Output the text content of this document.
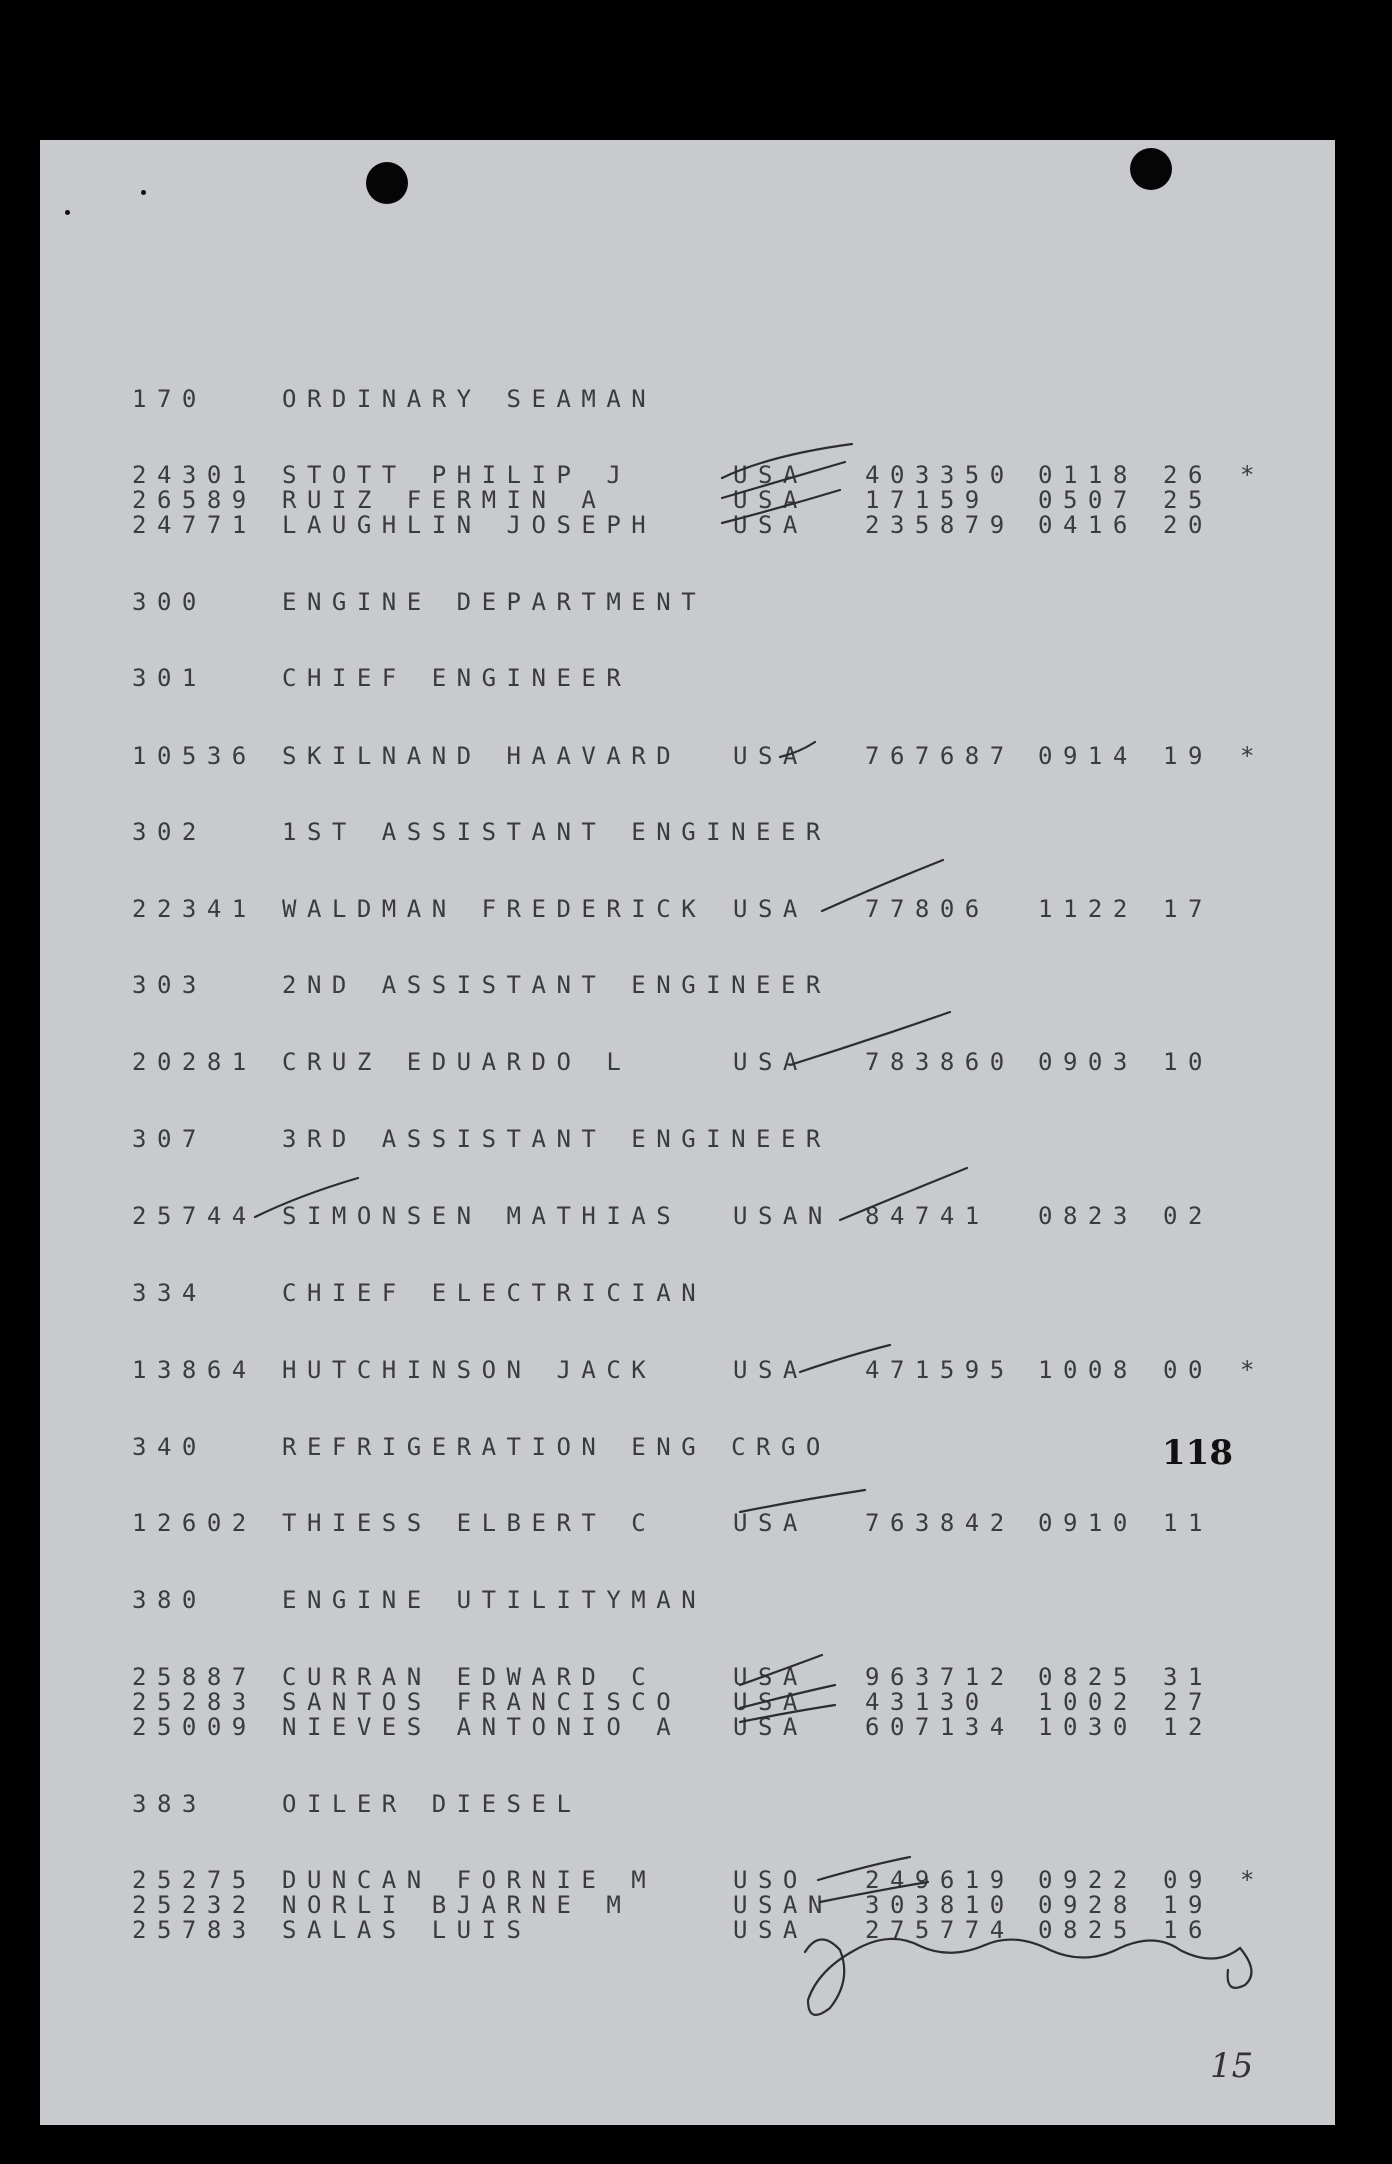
170	ORDINARY SEAMAN
24301 STOTT PHILIP J	USA 403350 0118 26 *
26589 RUIZ FERMIN A	USA 17159 0507 25
24771 LAUGHLIN JOSEPH	USA 235879 0416 20
300	ENGINE DEPARTMENT
301	CHIEF ENGINEER
10536 SKILNAND HAAVARD USA 767687 0914 19 *
302	1ST ASSISTANT ENGINEER
22341 WALDMAN FREDERICK USA 77806 1122 17
303	2ND ASSISTANT ENGINEER
20281 CRUZ EDUARDO L	USA 783860 0903 10
307	3RD ASSISTANT ENGINEER
25744 SIMONSEN MATHIAS USAN 84741 0823 02
334	CHIEF ELECTRICIAN
13864 HUTCHINSON JACK	USA 471595 1008 00 *
340	REFRIGERATION ENG CRGO	118
12602 THIESS ELBERT C	USA 763842 0910 11
380	ENGINE UTILITYMAN
25887 CURRAN EDWARD C	USA 963712 0825 31
25283 SANTOS FRANCISCO USA 43130 1002 27
25009 NIEVES ANTONIO A USA 607134 1030 12
383	OILER DIESEL
25275 DUNCAN FORNIE M	USO 249619 0922 09 *
25232 NORLI BJARNE M	USAN 303810 0928 19
25783 SALAS LUIS	USA 275774 0825 16
15
